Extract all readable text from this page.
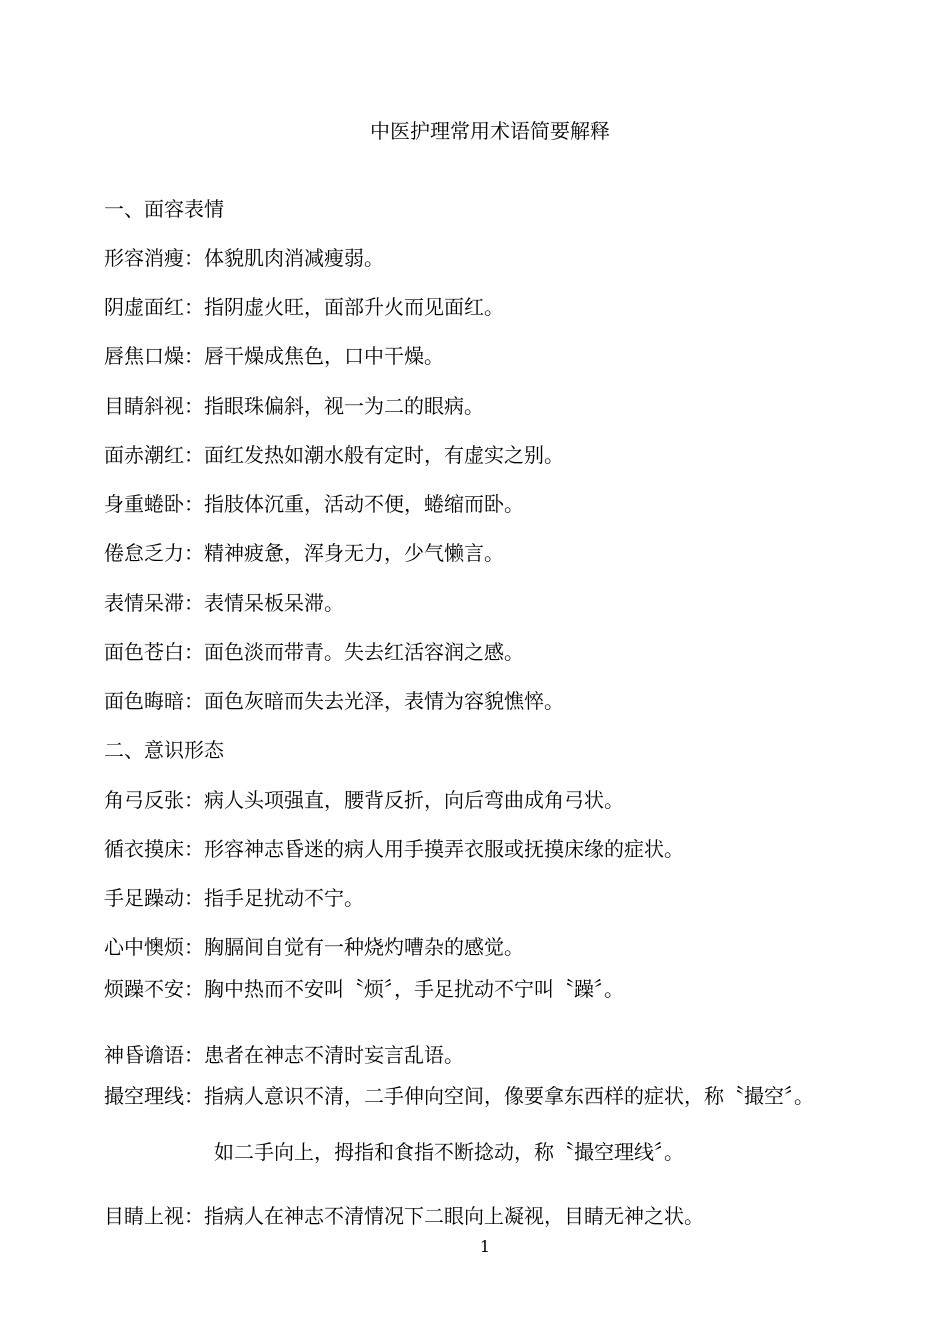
中医护理常用术语简要解释
一、面容表情
形容消瘦：体貌肌肉消减瘦弱。
阴虚面红：指阴虚火旺，面部升火而见面红。
唇焦口燥：唇干燥成焦色，口中干燥。
目睛斜视：指眼珠偏斜，视一为二的眼病。
面赤潮红：面红发热如潮水般有定时，有虚实之别。
身重蜷卧：指肢体沉重，活动不便，蜷缩而卧。
倦怠乏力：精神疲惫，浑身无力，少气懒言。
表情呆滞：表情呆板呆滞。
面色苍白：面色淡而带青。失去红活容润之感。
面色晦暗：面色灰暗而失去光泽，表情为容貌憔悴。
二、意识形态
角弓反张：病人头项强直，腰背反折，向后弯曲成角弓状。
循衣摸床：形容神志昏迷的病人用手摸弄衣服或抚摸床缘的症状。
手足躁动：指手足扰动不宁。
心中懊烦：胸膈间自觉有一种烧灼嘈杂的感觉。
烦躁不安：胸中热而不安叫〝烦〞，手足扰动不宁叫〝躁〞。
神昏谵语：患者在神志不清时妄言乱语。
撮空理线：指病人意识不清，二手伸向空间，像要拿东西样的症状，称〝撮空〞。
如二手向上，拇指和食指不断捻动，称〝撮空理线〞。
目睛上视：指病人在神志不清情况下二眼向上凝视，目睛无神之状。
1
